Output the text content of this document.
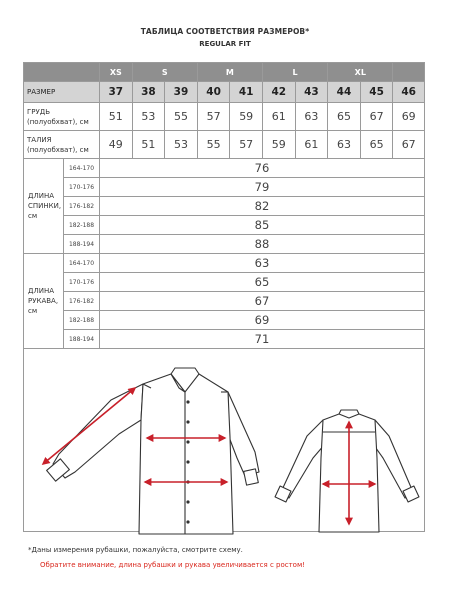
ТАБЛИЦА СООТВЕТСТВИЯ РАЗМЕРОВ*
REGULAR FIT
		XS	S		M		L		XL		
РАЗМЕР		37	38	39	40	41	42	43	44	45	46
ГРУДЬ (полуобхват), см		51	53	55	57	59	61	63	65	67	69
ТАЛИЯ (полуобхват), см		49	51	53	55	57	59	61	63	65	67
ДЛИНА СПИНКИ, см	164-170	76									
	170-176	79									
	176-182	82									
	182-188	85									
	188-194	88									
ДЛИНА РУКАВА, см	164-170	63									
	170-176	65									
	176-182	67									
	182-188	69									
	188-194	71									

*Даны измерения рубашки, пожалуйста, смотрите схему.
Обратите внимание, длина рубашки и рукава увеличивается с ростом!
